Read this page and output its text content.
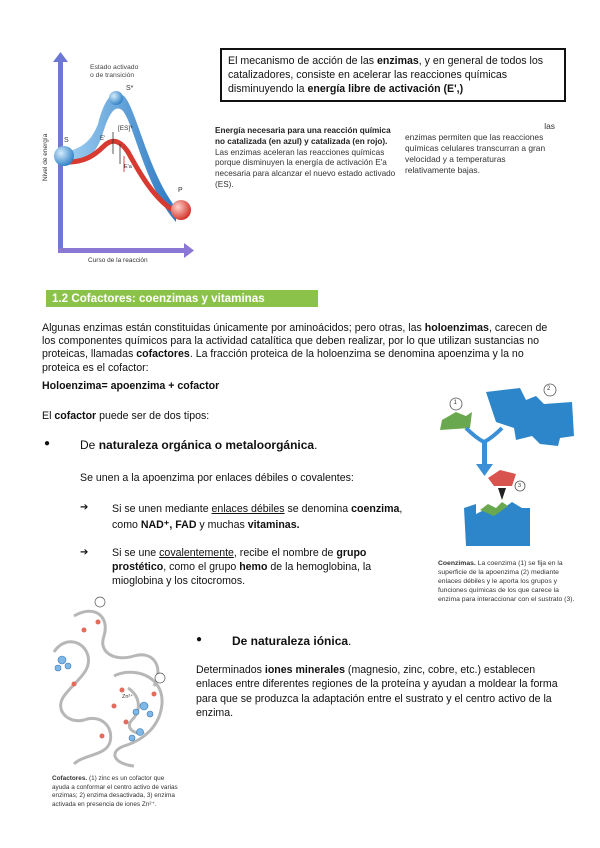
Estado activado
o de transición
S*
[ES]*
E'
E'a
S
P
Nivel de energía
Curso de la reacción
El mecanismo de acción de las enzimas, y en general de todos los catalizadores, consiste en acelerar las reacciones químicas disminuyendo la energía libre de activación (E',)
Energía necesaria para una reacción química no catalizada (en azul) y catalizada (en rojo). Las enzimas aceleran las reacciones químicas porque disminuyen la energía de activación E'a necesaria para alcanzar el nuevo estado activado (ES).
las
enzimas permiten que las reacciones químicas celulares transcurran a gran velocidad y a temperaturas relativamente bajas.
1.2 Cofactores: coenzimas y vitaminas
Algunas enzimas están constituidas únicamente por aminoácidos; pero otras, las holoenzimas, carecen de los componentes químicos para la actividad catalítica que deben realizar, por lo que utilizan sustancias no proteicas, llamadas cofactores. La fracción proteica de la holoenzima se denomina apoenzima y la no proteica es el cofactor:
Holoenzima= apoenzima + cofactor
El cofactor puede ser de dos tipos:
● De naturaleza orgánica o metaloorgánica.
Se unen a la apoenzima por enlaces débiles o covalentes:
➔ Si se unen mediante enlaces débiles se denomina coenzima,
como NAD⁺, FAD y muchas vitaminas.
➔ Si se une covalentemente, recibe el nombre de grupo prostético, como el grupo hemo de la hemoglobina, la mioglobina y los citocromos.
2
1
3
Coenzimas. La coenzima (1) se fija en la superficie de la apoenzima (2) mediante enlaces débiles y le aporta los grupos y funciones químicas de los que carece la enzima para interaccionar con el sustrato (3).
Zn²⁺
Cofactores. (1) zinc es un cofactor que ayuda a conformar el centro activo de varias enzimas; 2) enzima desactivada, 3) enzima activada en presencia de iones Zn²⁺.
● De naturaleza iónica.
Determinados iones minerales (magnesio, zinc, cobre, etc.) establecen enlaces entre diferentes regiones de la proteína y ayudan a moldear la forma para que se produzca la adaptación entre el sustrato y el centro activo de la enzima.
